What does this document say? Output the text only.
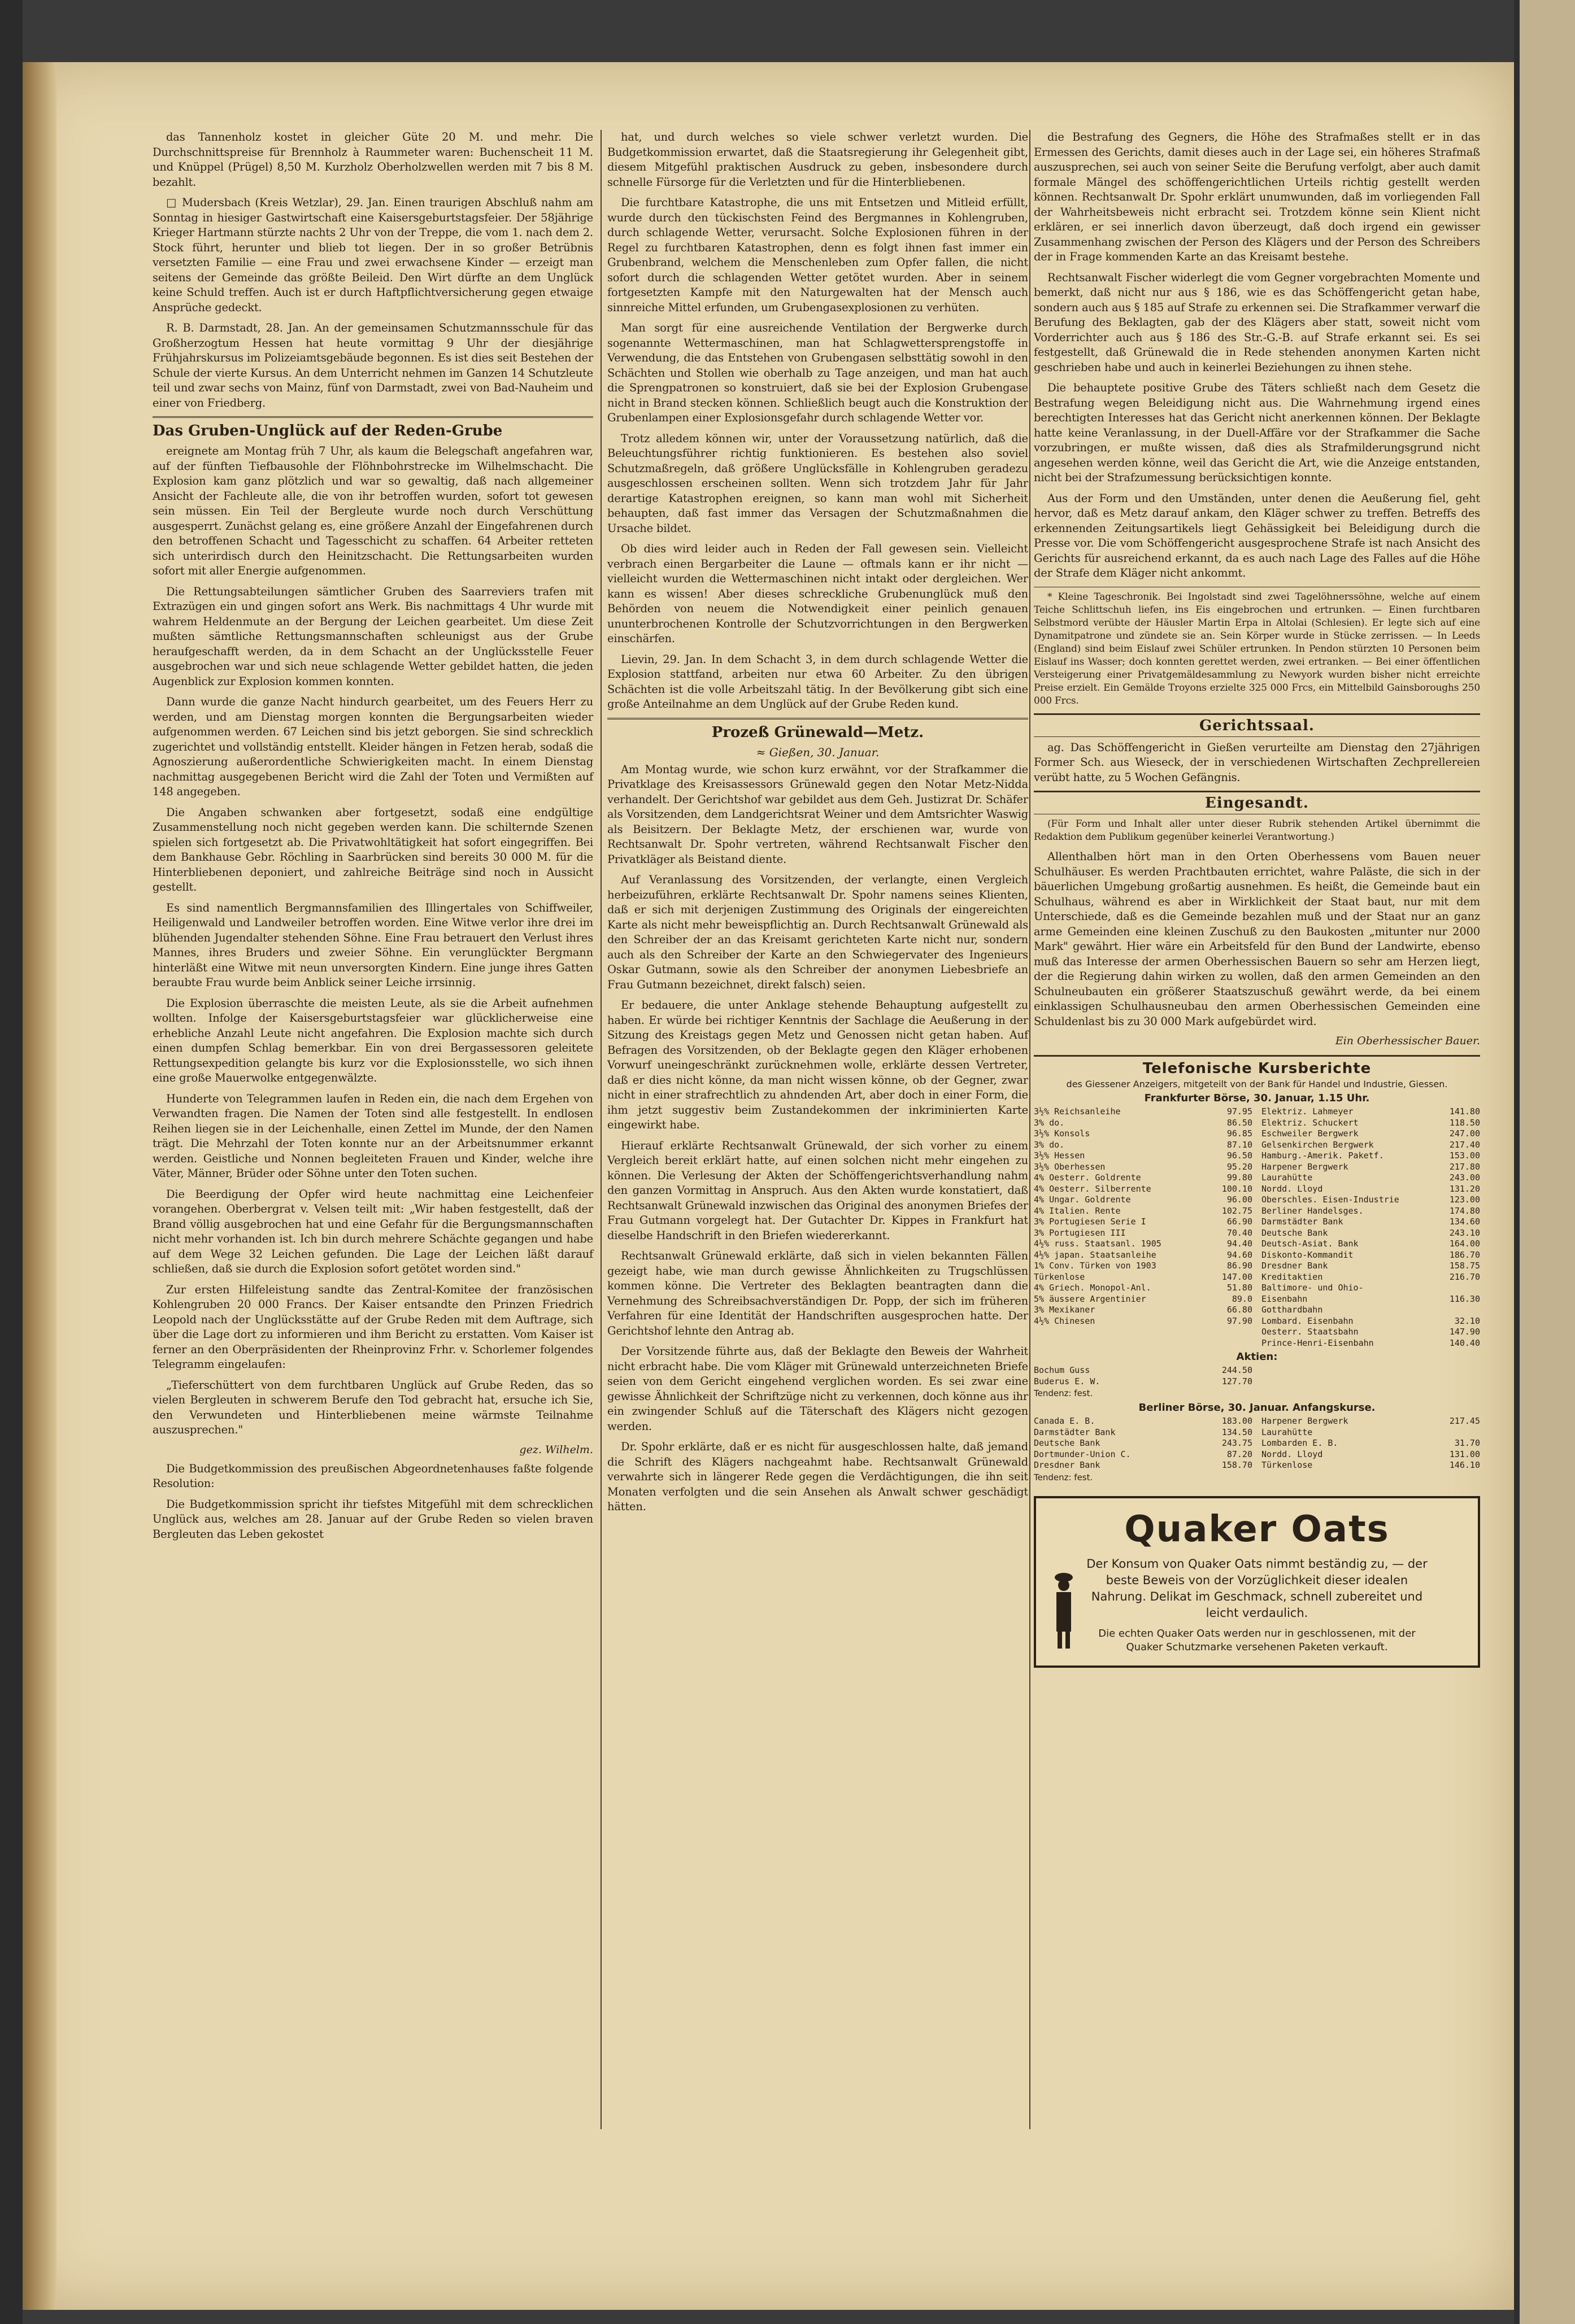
das Tannenholz kostet in gleicher Güte 20 M. und mehr. Die Durchschnittspreise für Brennholz à Raummeter waren: Buchenscheit 11 M. und Knüppel (Prügel) 8,50 M. Kurzholz Oberholzwellen werden mit 7 bis 8 M. bezahlt.

□ Mudersbach (Kreis Wetzlar), 29. Jan. Einen traurigen Abschluß nahm am Sonntag in hiesiger Gastwirtschaft eine Kaisersgeburtstagsfeier. Der 58jährige Krieger Hartmann stürzte nachts 2 Uhr von der Treppe, die vom 1. nach dem 2. Stock führt, herunter und blieb tot liegen. Der in so großer Betrübnis versetzten Familie — eine Frau und zwei erwachsene Kinder — erzeigt man seitens der Gemeinde das größte Beileid. Den Wirt dürfte an dem Unglück keine Schuld treffen. Auch ist er durch Haftpflichtversicherung gegen etwaige Ansprüche gedeckt.

R. B. Darmstadt, 28. Jan. An der gemeinsamen Schutzmannsschule für das Großherzogtum Hessen hat heute vormittag 9 Uhr der diesjährige Frühjahrskursus im Polizeiamtsgebäude begonnen. Es ist dies seit Bestehen der Schule der vierte Kursus. An dem Unterricht nehmen im Ganzen 14 Schutzleute teil und zwar sechs von Mainz, fünf von Darmstadt, zwei von Bad-Nauheim und einer von Friedberg.

Das Gruben-Unglück auf der Reden-Grube

ereignete am Montag früh 7 Uhr, als kaum die Belegschaft angefahren war, auf der fünften Tiefbausohle der Flöhnbohrstrecke im Wilhelmschacht. Die Explosion kam ganz plötzlich und war so gewaltig, daß nach allgemeiner Ansicht der Fachleute alle, die von ihr betroffen wurden, sofort tot gewesen sein müssen. Ein Teil der Bergleute wurde noch durch Verschüttung ausgesperrt. Zunächst gelang es, eine größere Anzahl der Eingefahrenen durch den betroffenen Schacht und Tagesschicht zu schaffen. 64 Arbeiter retteten sich unterirdisch durch den Heinitzschacht. Die Rettungsarbeiten wurden sofort mit aller Energie aufgenommen.

Die Rettungsabteilungen sämtlicher Gruben des Saarreviers trafen mit Extrazügen ein und gingen sofort ans Werk. Bis nachmittags 4 Uhr wurde mit wahrem Heldenmute an der Bergung der Leichen gearbeitet. Um diese Zeit mußten sämtliche Rettungsmannschaften schleunigst aus der Grube heraufgeschafft werden, da in dem Schacht an der Unglücksstelle Feuer ausgebrochen war und sich neue schlagende Wetter gebildet hatten, die jeden Augenblick zur Explosion kommen konnten.

Dann wurde die ganze Nacht hindurch gearbeitet, um des Feuers Herr zu werden, und am Dienstag morgen konnten die Bergungsarbeiten wieder aufgenommen werden. 67 Leichen sind bis jetzt geborgen. Sie sind schrecklich zugerichtet und vollständig entstellt. Kleider hängen in Fetzen herab, sodaß die Agnoszierung außerordentliche Schwierigkeiten macht. In einem Dienstag nachmittag ausgegebenen Bericht wird die Zahl der Toten und Vermißten auf 148 angegeben.

Die Angaben schwanken aber fortgesetzt, sodaß eine endgültige Zusammenstellung noch nicht gegeben werden kann. Die schilternde Szenen spielen sich fortgesetzt ab. Die Privatwohltätigkeit hat sofort eingegriffen. Bei dem Bankhause Gebr. Röchling in Saarbrücken sind bereits 30 000 M. für die Hinterbliebenen deponiert, und zahlreiche Beiträge sind noch in Aussicht gestellt.

Es sind namentlich Bergmannsfamilien des Illingertales von Schiffweiler, Heiligenwald und Landweiler betroffen worden. Eine Witwe verlor ihre drei im blühenden Jugendalter stehenden Söhne. Eine Frau betrauert den Verlust ihres Mannes, ihres Bruders und zweier Söhne. Ein verunglückter Bergmann hinterläßt eine Witwe mit neun unversorgten Kindern. Eine junge ihres Gatten beraubte Frau wurde beim Anblick seiner Leiche irrsinnig.

Die Explosion überraschte die meisten Leute, als sie die Arbeit aufnehmen wollten. Infolge der Kaisersgeburtstagsfeier war glücklicherweise eine erhebliche Anzahl Leute nicht angefahren. Die Explosion machte sich durch einen dumpfen Schlag bemerkbar. Ein von drei Bergassessoren geleitete Rettungsexpedition gelangte bis kurz vor die Explosionsstelle, wo sich ihnen eine große Mauerwolke entgegenwälzte.

Hunderte von Telegrammen laufen in Reden ein, die nach dem Ergehen von Verwandten fragen. Die Namen der Toten sind alle festgestellt. In endlosen Reihen liegen sie in der Leichenhalle, einen Zettel im Munde, der den Namen trägt. Die Mehrzahl der Toten konnte nur an der Arbeitsnummer erkannt werden. Geistliche und Nonnen begleiteten Frauen und Kinder, welche ihre Väter, Männer, Brüder oder Söhne unter den Toten suchen.

Die Beerdigung der Opfer wird heute nachmittag eine Leichenfeier vorangehen. Oberbergrat v. Velsen teilt mit: „Wir haben festgestellt, daß der Brand völlig ausgebrochen hat und eine Gefahr für die Bergungsmannschaften nicht mehr vorhanden ist. Ich bin durch mehrere Schächte gegangen und habe auf dem Wege 32 Leichen gefunden. Die Lage der Leichen läßt darauf schließen, daß sie durch die Explosion sofort getötet worden sind."

Zur ersten Hilfeleistung sandte das Zentral-Komitee der französischen Kohlengruben 20 000 Francs. Der Kaiser entsandte den Prinzen Friedrich Leopold nach der Unglücksstätte auf der Grube Reden mit dem Auftrage, sich über die Lage dort zu informieren und ihm Bericht zu erstatten. Vom Kaiser ist ferner an den Oberpräsidenten der Rheinprovinz Frhr. v. Schorlemer folgendes Telegramm eingelaufen:

„Tieferschüttert von dem furchtbaren Unglück auf Grube Reden, das so vielen Bergleuten in schwerem Berufe den Tod gebracht hat, ersuche ich Sie, den Verwundeten und Hinterbliebenen meine wärmste Teilnahme auszusprechen."

gez. Wilhelm.

Die Budgetkommission des preußischen Abgeordnetenhauses faßte folgende Resolution:

Die Budgetkommission spricht ihr tiefstes Mitgefühl mit dem schrecklichen Unglück aus, welches am 28. Januar auf der Grube Reden so vielen braven Bergleuten das Leben gekostet

hat, und durch welches so viele schwer verletzt wurden. Die Budgetkommission erwartet, daß die Staatsregierung ihr Gelegenheit gibt, diesem Mitgefühl praktischen Ausdruck zu geben, insbesondere durch schnelle Fürsorge für die Verletzten und für die Hinterbliebenen.

Die furchtbare Katastrophe, die uns mit Entsetzen und Mitleid erfüllt, wurde durch den tückischsten Feind des Bergmannes in Kohlengruben, durch schlagende Wetter, verursacht. Solche Explosionen führen in der Regel zu furchtbaren Katastrophen, denn es folgt ihnen fast immer ein Grubenbrand, welchem die Menschenleben zum Opfer fallen, die nicht sofort durch die schlagenden Wetter getötet wurden. Aber in seinem fortgesetzten Kampfe mit den Naturgewalten hat der Mensch auch sinnreiche Mittel erfunden, um Grubengasexplosionen zu verhüten.

Man sorgt für eine ausreichende Ventilation der Bergwerke durch sogenannte Wettermaschinen, man hat Schlagwettersprengstoffe in Verwendung, die das Entstehen von Grubengasen selbsttätig sowohl in den Schächten und Stollen wie oberhalb zu Tage anzeigen, und man hat auch die Sprengpatronen so konstruiert, daß sie bei der Explosion Grubengase nicht in Brand stecken können. Schließlich beugt auch die Konstruktion der Grubenlampen einer Explosionsgefahr durch schlagende Wetter vor.

Trotz alledem können wir, unter der Voraussetzung natürlich, daß die Beleuchtungsführer richtig funktionieren. Es bestehen also soviel Schutzmaßregeln, daß größere Unglücksfälle in Kohlengruben geradezu ausgeschlossen erscheinen sollten. Wenn sich trotzdem Jahr für Jahr derartige Katastrophen ereignen, so kann man wohl mit Sicherheit behaupten, daß fast immer das Versagen der Schutzmaßnahmen die Ursache bildet.

Ob dies wird leider auch in Reden der Fall gewesen sein. Vielleicht verbrach einen Bergarbeiter die Laune — oftmals kann er ihr nicht — vielleicht wurden die Wettermaschinen nicht intakt oder dergleichen. Wer kann es wissen! Aber dieses schreckliche Grubenunglück muß den Behörden von neuem die Notwendigkeit einer peinlich genauen ununterbrochenen Kontrolle der Schutzvorrichtungen in den Bergwerken einschärfen.

Lievin, 29. Jan. In dem Schacht 3, in dem durch schlagende Wetter die Explosion stattfand, arbeiten nur etwa 60 Arbeiter. Zu den übrigen Schächten ist die volle Arbeitszahl tätig. In der Bevölkerung gibt sich eine große Anteilnahme an dem Unglück auf der Grube Reden kund.

Prozeß Grünewald—Metz.
≈ Gießen, 30. Januar.

Am Montag wurde, wie schon kurz erwähnt, vor der Strafkammer die Privatklage des Kreisassessors Grünewald gegen den Notar Metz-Nidda verhandelt. Der Gerichtshof war gebildet aus dem Geh. Justizrat Dr. Schäfer als Vorsitzenden, dem Landgerichtsrat Weiner und dem Amtsrichter Waswig als Beisitzern. Der Beklagte Metz, der erschienen war, wurde von Rechtsanwalt Dr. Spohr vertreten, während Rechtsanwalt Fischer den Privatkläger als Beistand diente.

Auf Veranlassung des Vorsitzenden, der verlangte, einen Vergleich herbeizuführen, erklärte Rechtsanwalt Dr. Spohr namens seines Klienten, daß er sich mit derjenigen Zustimmung des Originals der eingereichten Karte als nicht mehr beweispflichtig an. Durch Rechtsanwalt Grünewald als den Schreiber der an das Kreisamt gerichteten Karte nicht nur, sondern auch als den Schreiber der Karte an den Schwiegervater des Ingenieurs Oskar Gutmann, sowie als den Schreiber der anonymen Liebesbriefe an Frau Gutmann bezeichnet, direkt falsch) seien.

Er bedauere, die unter Anklage stehende Behauptung aufgestellt zu haben. Er würde bei richtiger Kenntnis der Sachlage die Aeußerung in der Sitzung des Kreistags gegen Metz und Genossen nicht getan haben. Auf Befragen des Vorsitzenden, ob der Beklagte gegen den Kläger erhobenen Vorwurf uneingeschränkt zurücknehmen wolle, erklärte dessen Vertreter, daß er dies nicht könne, da man nicht wissen könne, ob der Gegner, zwar nicht in einer strafrechtlich zu ahndenden Art, aber doch in einer Form, die ihm jetzt suggestiv beim Zustandekommen der inkriminierten Karte eingewirkt habe.

Hierauf erklärte Rechtsanwalt Grünewald, der sich vorher zu einem Vergleich bereit erklärt hatte, auf einen solchen nicht mehr eingehen zu können. Die Verlesung der Akten der Schöffengerichtsverhandlung nahm den ganzen Vormittag in Anspruch. Aus den Akten wurde konstatiert, daß Rechtsanwalt Grünewald inzwischen das Original des anonymen Briefes der Frau Gutmann vorgelegt hat. Der Gutachter Dr. Kippes in Frankfurt hat dieselbe Handschrift in den Briefen wiedererkannt.

Rechtsanwalt Grünewald erklärte, daß sich in vielen bekannten Fällen gezeigt habe, wie man durch gewisse Ähnlichkeiten zu Trugschlüssen kommen könne. Die Vertreter des Beklagten beantragten dann die Vernehmung des Schreibsachverständigen Dr. Popp, der sich im früheren Verfahren für eine Identität der Handschriften ausgesprochen hatte. Der Gerichtshof lehnte den Antrag ab.

Der Vorsitzende führte aus, daß der Beklagte den Beweis der Wahrheit nicht erbracht habe. Die vom Kläger mit Grünewald unterzeichneten Briefe seien von dem Gericht eingehend verglichen worden. Es sei zwar eine gewisse Ähnlichkeit der Schriftzüge nicht zu verkennen, doch könne aus ihr ein zwingender Schluß auf die Täterschaft des Klägers nicht gezogen werden.

Dr. Spohr erklärte, daß er es nicht für ausgeschlossen halte, daß jemand die Schrift des Klägers nachgeahmt habe. Rechtsanwalt Grünewald verwahrte sich in längerer Rede gegen die Verdächtigungen, die ihn seit Monaten verfolgten und die sein Ansehen als Anwalt schwer geschädigt hätten.

die Bestrafung des Gegners, die Höhe des Strafmaßes stellt er in das Ermessen des Gerichts, damit dieses auch in der Lage sei, ein höheres Strafmaß auszusprechen, sei auch von seiner Seite die Berufung verfolgt, aber auch damit formale Mängel des schöffengerichtlichen Urteils richtig gestellt werden können. Rechtsanwalt Dr. Spohr erklärt unumwunden, daß im vorliegenden Fall der Wahrheitsbeweis nicht erbracht sei. Trotzdem könne sein Klient nicht erklären, er sei innerlich davon überzeugt, daß doch irgend ein gewisser Zusammenhang zwischen der Person des Klägers und der Person des Schreibers der in Frage kommenden Karte an das Kreisamt bestehe.

Rechtsanwalt Fischer widerlegt die vom Gegner vorgebrachten Momente und bemerkt, daß nicht nur aus § 186, wie es das Schöffengericht getan habe, sondern auch aus § 185 auf Strafe zu erkennen sei. Die Strafkammer verwarf die Berufung des Beklagten, gab der des Klägers aber statt, soweit nicht vom Vorderrichter auch aus § 186 des Str.-G.-B. auf Strafe erkannt sei. Es sei festgestellt, daß Grünewald die in Rede stehenden anonymen Karten nicht geschrieben habe und auch in keinerlei Beziehungen zu ihnen stehe.

Die behauptete positive Grube des Täters schließt nach dem Gesetz die Bestrafung wegen Beleidigung nicht aus. Die Wahrnehmung irgend eines berechtigten Interesses hat das Gericht nicht anerkennen können. Der Beklagte hatte keine Veranlassung, in der Duell-Affäre vor der Strafkammer die Sache vorzubringen, er mußte wissen, daß dies als Strafmilderungsgrund nicht angesehen werden könne, weil das Gericht die Art, wie die Anzeige entstanden, nicht bei der Strafzumessung berücksichtigen konnte.

Aus der Form und den Umständen, unter denen die Aeußerung fiel, geht hervor, daß es Metz darauf ankam, den Kläger schwer zu treffen. Betreffs des erkennenden Zeitungsartikels liegt Gehässigkeit bei Beleidigung durch die Presse vor. Die vom Schöffengericht ausgesprochene Strafe ist nach Ansicht des Gerichts für ausreichend erkannt, da es auch nach Lage des Falles auf die Höhe der Strafe dem Kläger nicht ankommt.

* Kleine Tageschronik. Bei Ingolstadt sind zwei Tagelöhnerssöhne, welche auf einem Teiche Schlittschuh liefen, ins Eis eingebrochen und ertrunken. — Einen furchtbaren Selbstmord verübte der Häusler Martin Erpa in Altolai (Schlesien). Er legte sich auf eine Dynamitpatrone und zündete sie an. Sein Körper wurde in Stücke zerrissen. — In Leeds (England) sind beim Eislauf zwei Schüler ertrunken. In Pendon stürzten 10 Personen beim Eislauf ins Wasser; doch konnten gerettet werden, zwei ertranken. — Bei einer öffentlichen Versteigerung einer Privatgemäldesammlung zu Newyork wurden bisher nicht erreichte Preise erzielt. Ein Gemälde Troyons erzielte 325 000 Frcs, ein Mittelbild Gainsboroughs 250 000 Frcs.

Gerichtssaal.

ag. Das Schöffengericht in Gießen verurteilte am Dienstag den 27jährigen Former Sch. aus Wieseck, der in verschiedenen Wirtschaften Zechprellereien verübt hatte, zu 5 Wochen Gefängnis.

Eingesandt.

(Für Form und Inhalt aller unter dieser Rubrik stehenden Artikel übernimmt die Redaktion dem Publikum gegenüber keinerlei Verantwortung.)

Allenthalben hört man in den Orten Oberhessens vom Bauen neuer Schulhäuser. Es werden Prachtbauten errichtet, wahre Paläste, die sich in der bäuerlichen Umgebung großartig ausnehmen. Es heißt, die Gemeinde baut ein Schulhaus, während es aber in Wirklichkeit der Staat baut, nur mit dem Unterschiede, daß es die Gemeinde bezahlen muß und der Staat nur an ganz arme Gemeinden eine kleinen Zuschuß zu den Baukosten „mitunter nur 2000 Mark" gewährt. Hier wäre ein Arbeitsfeld für den Bund der Landwirte, ebenso muß das Interesse der armen Oberhessischen Bauern so sehr am Herzen liegt, der die Regierung dahin wirken zu wollen, daß den armen Gemeinden an den Schulneubauten ein größerer Staatszuschuß gewährt werde, da bei einem einklassigen Schulhausneubau den armen Oberhessischen Gemeinden eine Schuldenlast bis zu 30 000 Mark aufgebürdet wird.

Ein Oberhessischer Bauer.
Telefonische Kursberichte
des Giessener Anzeigers, mitgeteilt von der Bank für Handel und Industrie, Giessen.
Frankfurter Börse, 30. Januar, 1.15 Uhr.
3½% Reichsanleihe	97.95
3% do.	86.50
3½% Konsols	96.85
3% do.	87.10
3½% Hessen	96.50
3½% Oberhessen	95.20
4% Oesterr. Goldrente	99.80
4% Oesterr. Silberrente	100.10
4% Ungar. Goldrente	96.00
4% Italien. Rente	102.75
3% Portugiesen Serie I	66.90
3% Portugiesen III	70.40
4½% russ. Staatsanl. 1905	94.40
4½% japan. Staatsanleihe	94.60
1% Conv. Türken von 1903	86.90
Türkenlose	147.00
4% Griech. Monopol-Anl.	51.80
5% äussere Argentinier	89.0
3% Mexikaner	66.80
4½% Chinesen	97.90
Elektriz. Lahmeyer	141.80
Elektriz. Schuckert	118.50
Eschweiler Bergwerk	247.00
Gelsenkirchen Bergwerk	217.40
Hamburg.-Amerik. Paketf.	153.00
Harpener Bergwerk	217.80
Laurahütte	243.00
Nordd. Lloyd	131.20
Oberschles. Eisen-Industrie	123.00
Berliner Handelsges.	174.80
Darmstädter Bank	134.60
Deutsche Bank	243.10
Deutsch-Asiat. Bank	164.00
Diskonto-Kommandit	186.70
Dresdner Bank	158.75
Kreditaktien	216.70
Baltimore- und Ohio-
Eisenbahn	116.30
Gotthardbahn
Lombard. Eisenbahn	32.10
Oesterr. Staatsbahn	147.90
Prince-Henri-Eisenbahn	140.40
Aktien:
Bochum Guss	244.50
Buderus E. W.	127.70
Tendenz: fest.
Berliner Börse, 30. Januar. Anfangskurse.
Canada E. B.	183.00
Darmstädter Bank	134.50
Deutsche Bank	243.75
Dortmunder-Union C.	87.20
Dresdner Bank	158.70
Harpener Bergwerk	217.45
Laurahütte
Lombarden E. B.	31.70
Nordd. Lloyd	131.00
Türkenlose	146.10
Tendenz: fest.
Quaker Oats
Der Konsum von Quaker Oats nimmt beständig zu, — der beste Beweis von der Vorzüglichkeit dieser idealen Nahrung. Delikat im Geschmack, schnell zubereitet und leicht verdaulich.
Die echten Quaker Oats werden nur in geschlossenen, mit der Quaker Schutzmarke versehenen Paketen verkauft.
